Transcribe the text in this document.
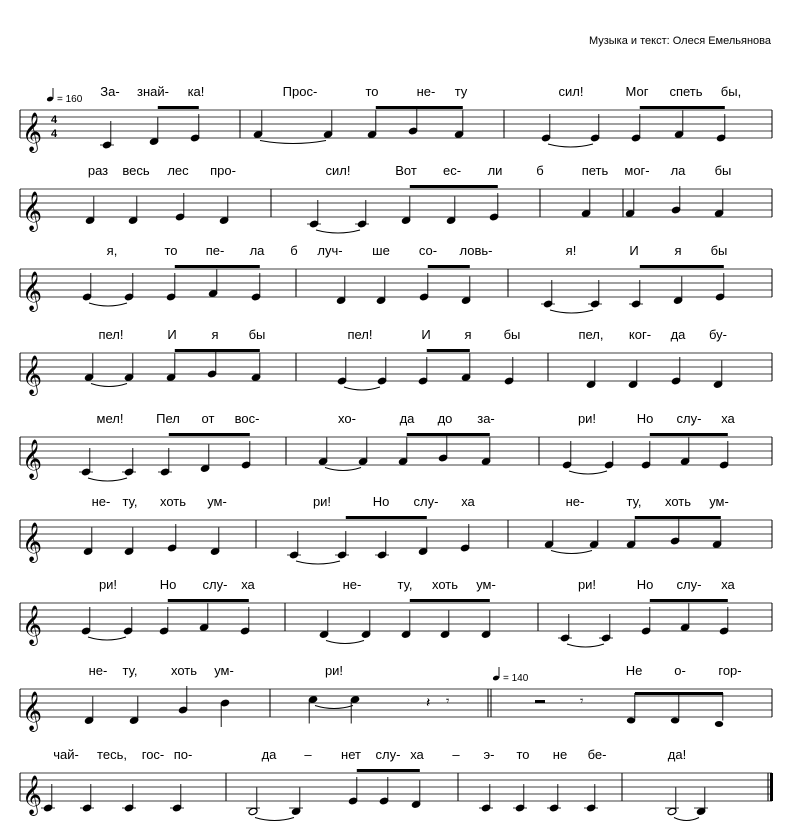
Музыка и текст: Олеся Емельянова
𝄞 4
4
За- знай- ка!	Прос-	то	не- ту	сил!	Мог спеть бы,
𝄞
раз весь лес про-	сил!	Вот ес- ли	б	петь мог- ла бы
𝄞
я,	то пе- ла б луч- ше со- ловь-	я!	И	я бы
𝄞
пел!	И	я бы	пел!	И	я бы	пел, ког- да бу-
𝄞
мел!	Пел от вос-	хо-	да до за-	ри!	Но слу- ха
𝄞
не- ту, хоть ум-	ри!	Но слу- ха	не-	ту, хоть ум-
𝄞
ри!	Но слу- ха	не-	ту, хоть ум-	ри!	Но слу- ха
𝄞	𝄽 𝄾	𝄾
не- ту,	хоть ум-	ри!	Не о-	гор-
𝄞
чай- тесь, гос- по-	да – нет слу- ха – э- то не бе-	да!
= 160
= 140
